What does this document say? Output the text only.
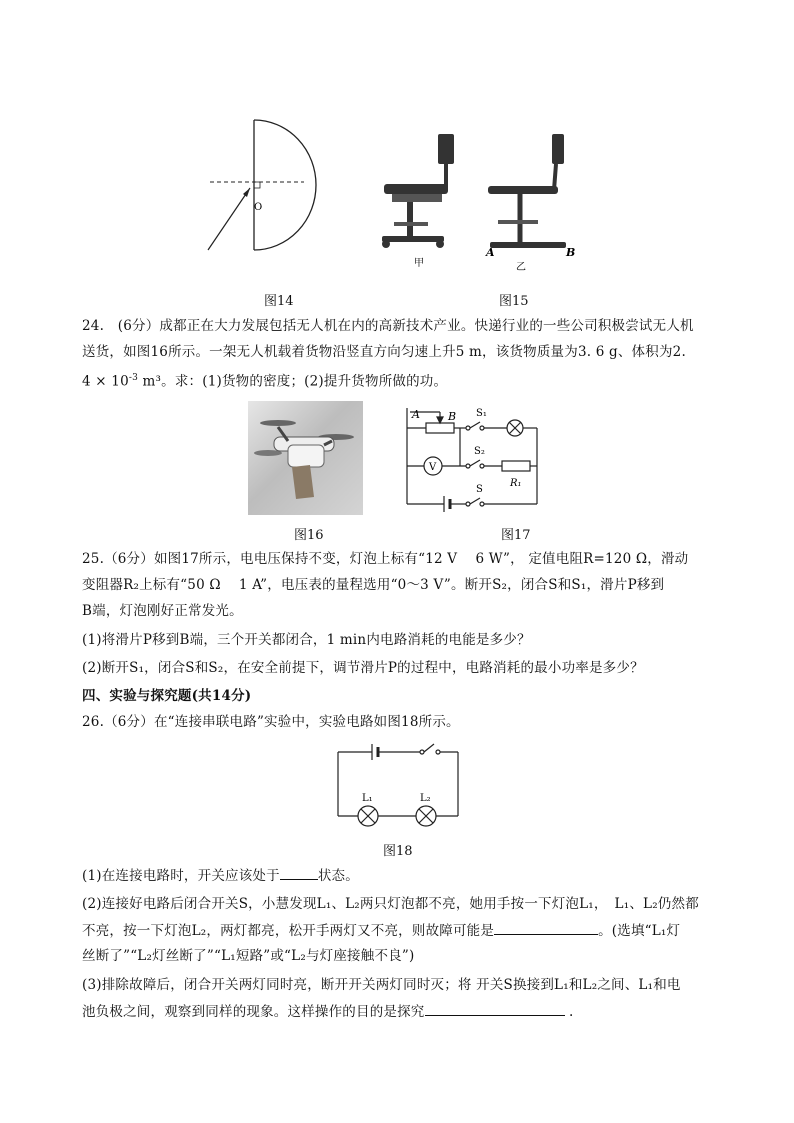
O
甲
A	B
乙
图14	图15
24.　(6分）成都正在大力发展包括无人机在内的高新技术产业。快递行业的一些公司积极尝试无人机
送货，如图16所示。一架无人机载着货物沿竖直方向匀速上升5 m，该货物质量为3. 6 g、体积为2.
$4 \times 10^{-3}$ m³。求：(1)货物的密度；(2)提升货物所做的功。
A	B S₁
S₂
V
R₁
S
图16	图17
25.（6分）如图17所示，电电压保持不变，灯泡上标有“12 V　 6 W”， 定值电阻R=120 Ω，滑动
变阻器R₂上标有“50 Ω　 1 A”，电压表的量程选用“0～3 V”。断开S₂，闭合S和S₁，滑片P移到
B端，灯泡刚好正常发光。
(1)将滑片P移到B端，三个开关都闭合，1 min内电路消耗的电能是多少？
(2)断开S₁，闭合S和S₂，在安全前提下，调节滑片P的过程中，电路消耗的最小功率是多少？
四、实验与探究题(共14分)
26.（6分）在“连接串联电路”实验中，实验电路如图18所示。
L₁	L₂
图18
(1)在连接电路时，开关应该处于	状态。
(2)连接好电路后闭合开关S，小慧发现L₁、L₂两只灯泡都不亮，她用手按一下灯泡L₁，　L₁、L₂仍然都
不亮，按一下灯泡L₂，两灯都亮，松开手两灯又不亮，则故障可能是	。(选填“L₁灯
丝断了”“L₂灯丝断了”“L₁短路”或“L₂与灯座接触不良”)
(3)排除故障后，闭合开关两灯同时亮，断开开关两灯同时灭；将 开关S换接到L₁和L₂之间、L₁和电
池负极之间，观察到同样的现象。这样操作的目的是探究	.
